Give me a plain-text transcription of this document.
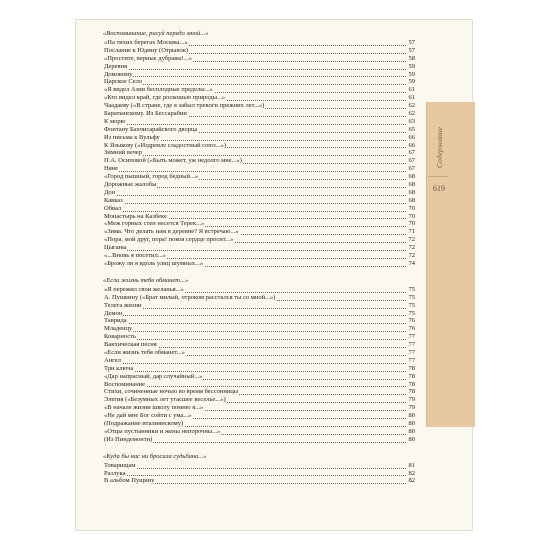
Содержание
619
«Воспоминание, рисуй передо мной...»
«На тихих берегах Москвы...»	57
Послание к Юдину (Отрывок)	57
«Простите, верные дубравы!...»	58
Деревня	59
Домовому	59
Царское Село	59
«Я видел Азии бесплодные пределы...»	61
«Кто видел край, где роскошью природы...»	61
Чаадаеву («В стране, где я забыл тревоги прежних лет...»)	62
Баратынскому. Из Бессарабии	62
К морю	63
Фонтану Бахчисарайского дворца	65
Из письма к Вульфу	66
К Языкову («Издревле сладостный союз...»)	66
Зимний вечер	67
П.А. Осиповой («Быть может, уж недолго мне...»)	67
Няне	67
«Город пышный, город бедный...»	68
Дорожные жалобы	68
Дон	68
Кавказ	68
Обвал	70
Монастырь на Казбеке	70
«Меж горных стен несется Терек...»	70
«Зима. Что делать нам в деревне? Я встречаю...»	71
«Пора, мой друг, пора! покоя сердце просит...»	72
Цыганы	72
«...Вновь я посетил...»	72
«Брожу ли я вдоль улиц шумных...»	74
«Если жизнь тебя обманет...»
«Я пережил свои желанья...»	75
А. Пушкину («Брат милый, отроком расстался ты со мной...»)	75
Телега жизни	75
Демон	75
Таврида	76
Младенцу	76
Коварность	77
Вакхическая песня	77
«Если жизнь тебя обманет...»	77
Ангел	77
Три ключа	78
«Дар напрасный, дар случайный...»	78
Воспоминание	78
Стихи, сочиненные ночью во время бессонницы	78
Элегия («Безумных лет угасшее веселье...»)	79
«В начале жизни школу помню я...»	79
«Не дай мне Бог сойти с ума...»	80
(Подражание италиянскому)	80
«Отцы пустынники и жены непорочны...»	80
(Из Пиндемонти)	80
«Куда бы нас ни бросила судьбина...»
Товарищам	81
Разлука	82
В альбом Пущину	82
